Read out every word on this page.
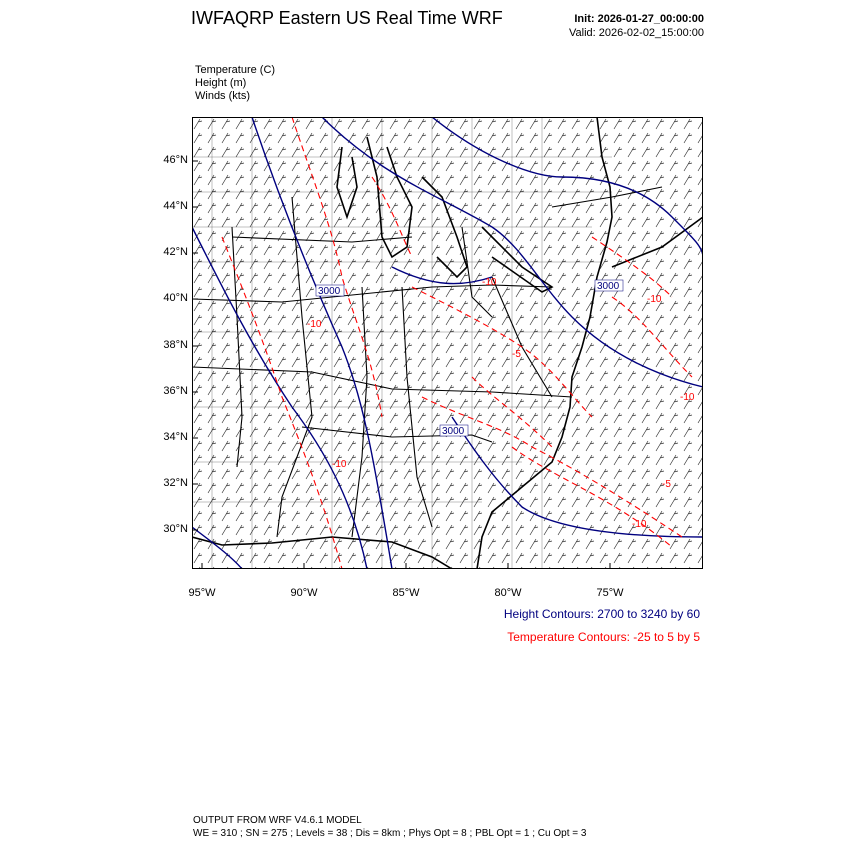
IWFAQRP Eastern US Real Time WRF	Init: 2026-01-27_00:00:00
Valid: 2026-02-02_15:00:00
Temperature (C)
Height (m)
Winds (kts)
3000
3000
3000
-10
-10
-10
-10
-10
-5
-10
-5
95°W	90°W	85°W	80°W	75°W
46°N
44°N
42°N
40°N
38°N
36°N
34°N
32°N
30°N
Height Contours: 2700 to 3240 by 60
Temperature Contours: -25 to 5 by 5
OUTPUT FROM WRF V4.6.1 MODEL
WE = 310 ; SN = 275 ; Levels = 38 ; Dis = 8km ; Phys Opt = 8 ; PBL Opt = 1 ; Cu Opt = 3
